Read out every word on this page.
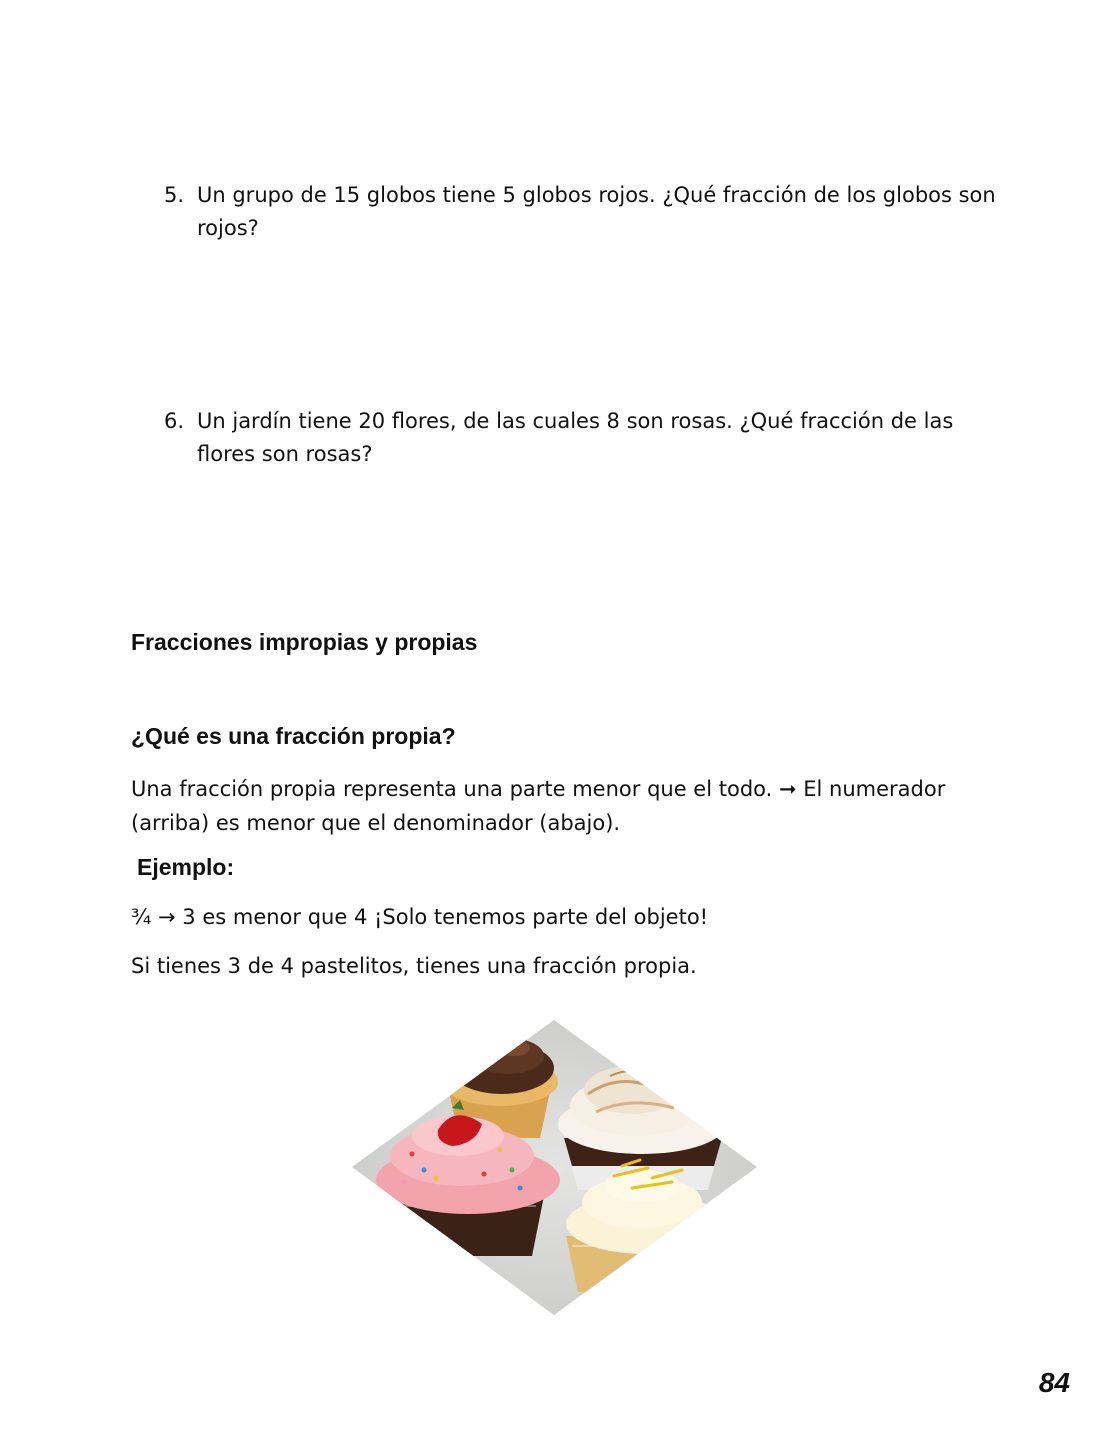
5. Un grupo de 15 globos tiene 5 globos rojos. ¿Qué fracción de los globos son rojos?
6. Un jardín tiene 20 flores, de las cuales 8 son rosas. ¿Qué fracción de las flores son rosas?
Fracciones impropias y propias
¿Qué es una fracción propia?

Una fracción propia representa una parte menor que el todo. ➞ El numerador (arriba) es menor que el denominador (abajo).

Ejemplo:

³⁄₄ → 3 es menor que 4 ¡Solo tenemos parte del objeto!

Si tienes 3 de 4 pastelitos, tienes una fracción propia.

84
